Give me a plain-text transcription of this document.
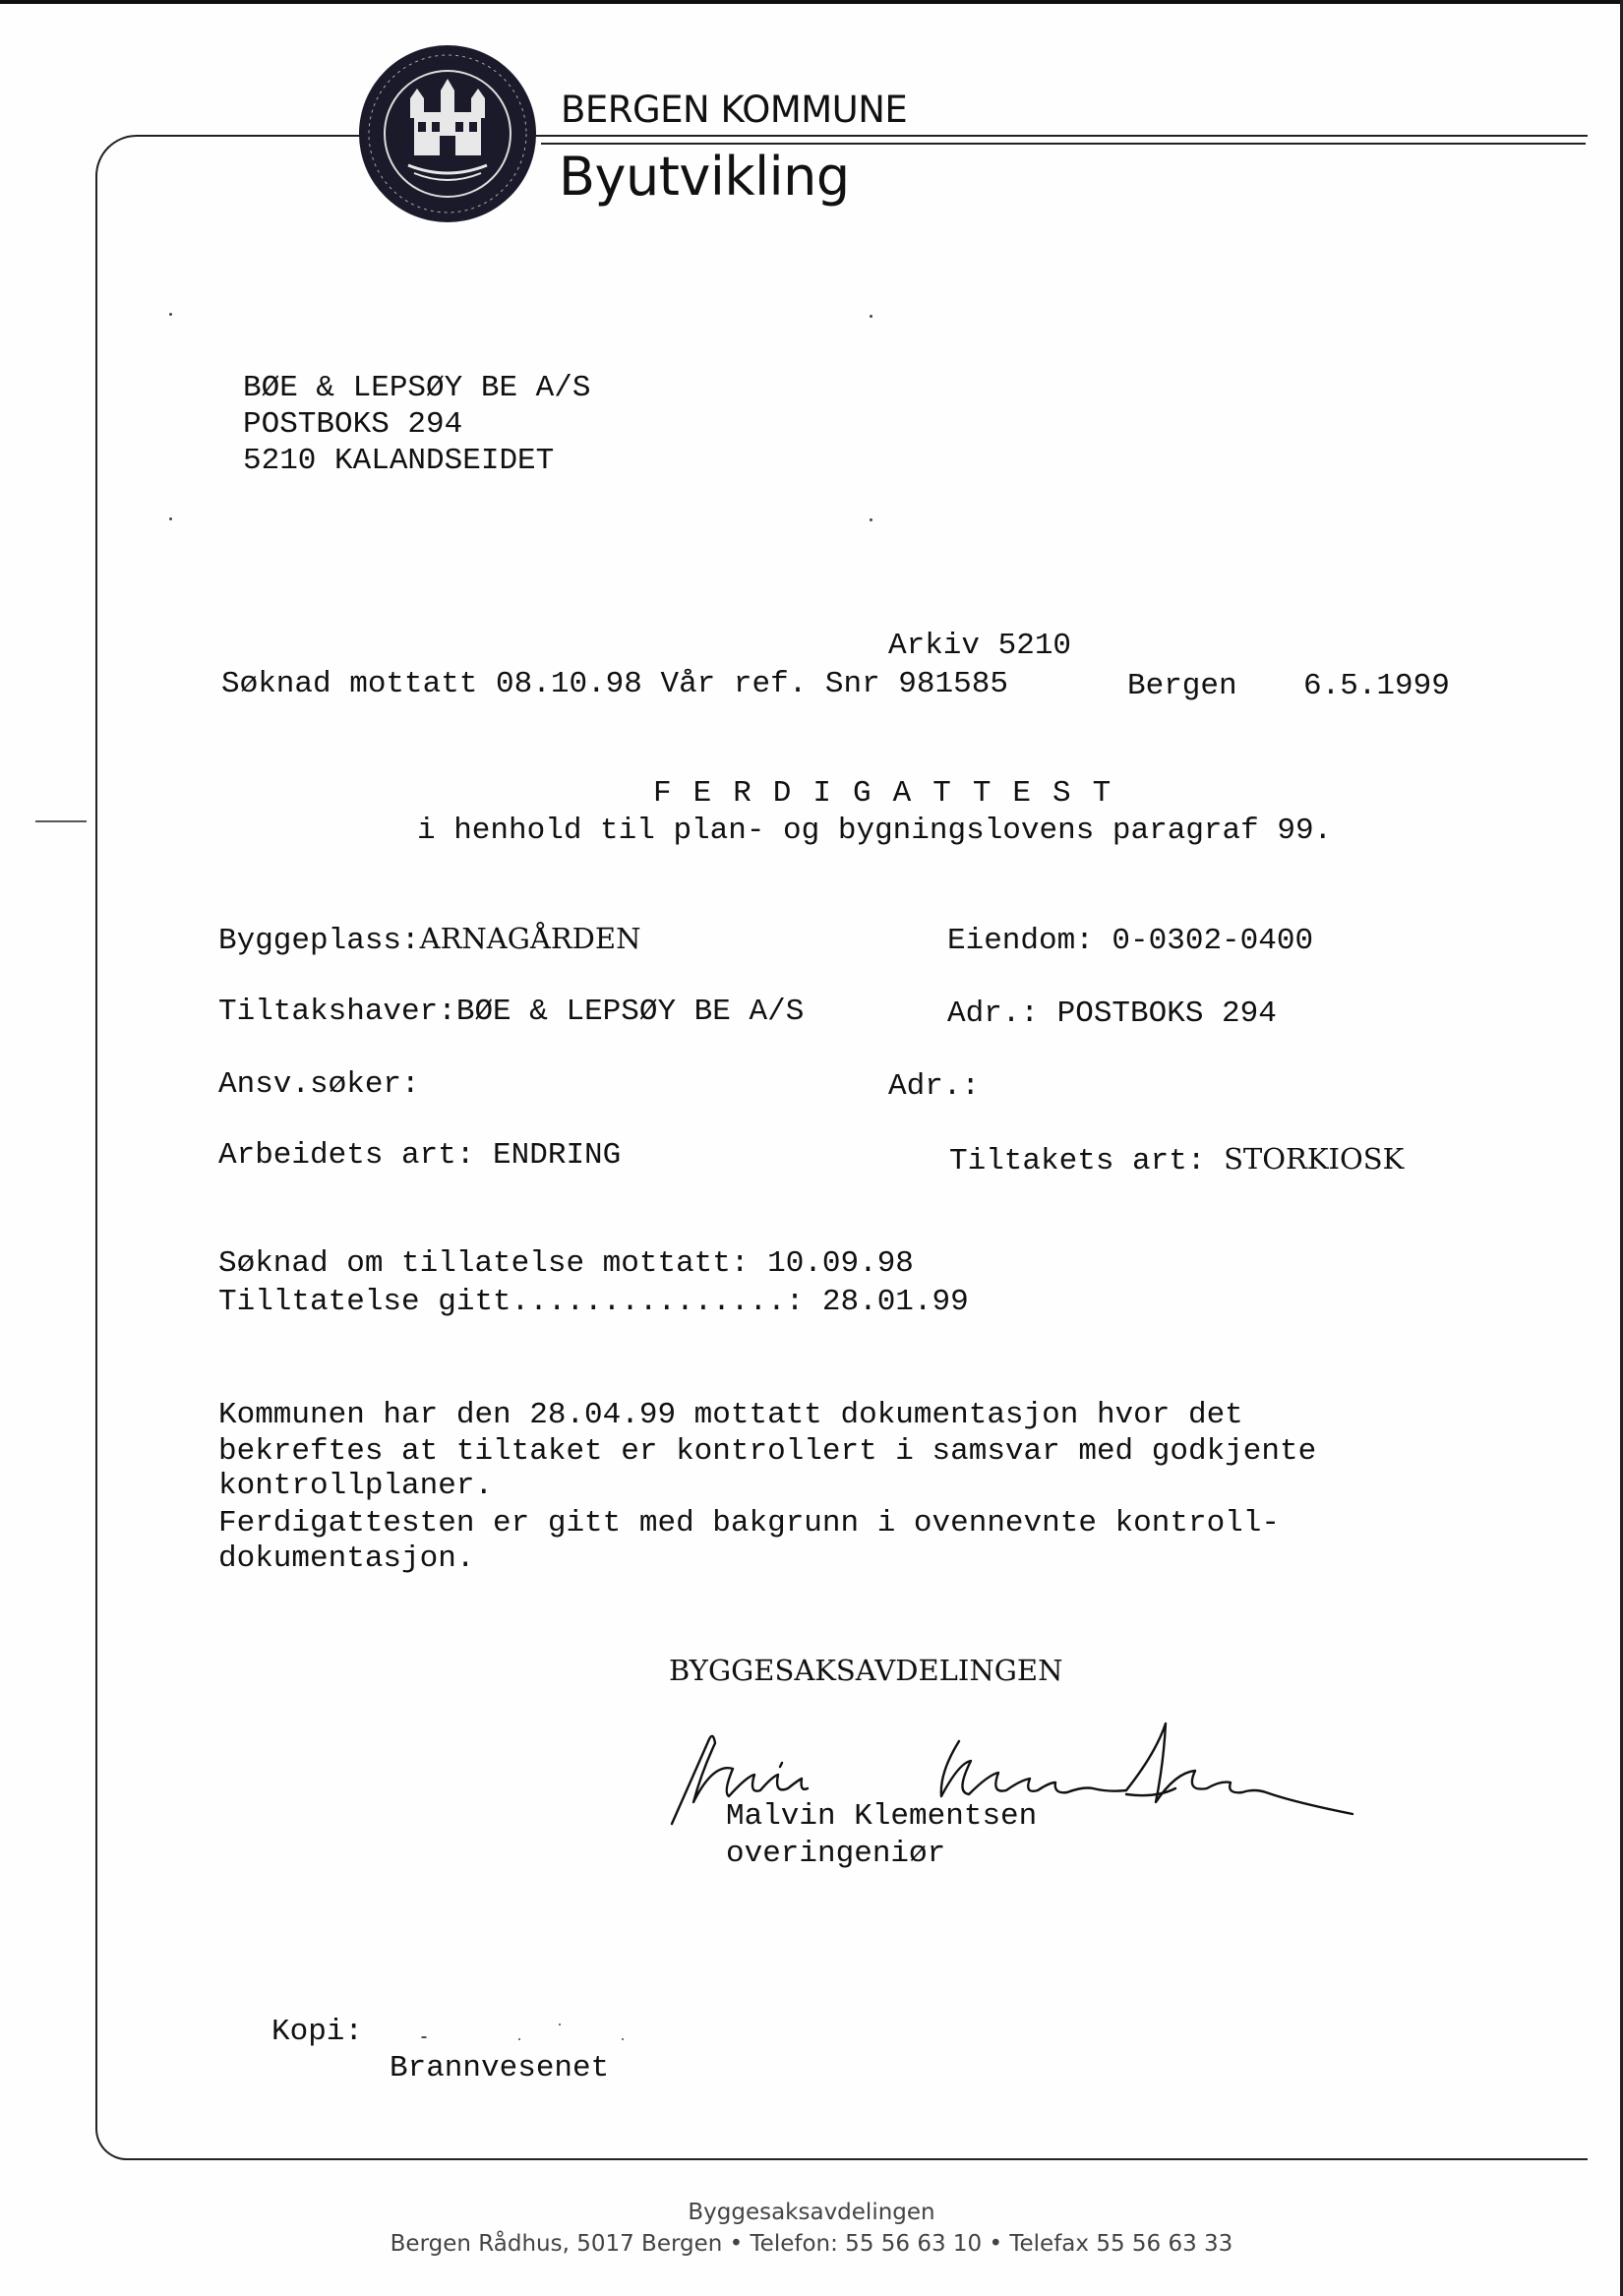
BERGEN KOMMUNE
Byutvikling
BØE & LEPSØY BE A/S
POSTBOKS 294
5210 KALANDSEIDET
Arkiv 5210
Søknad mottatt 08.10.98 Vår ref. Snr 981585	Bergen 6.5.1999
FERDIGATTEST
i henhold til plan- og bygningslovens paragraf 99.
Byggeplass:ARNAGÅRDEN	Eiendom: 0-0302-0400
Tiltakshaver:BØE & LEPSØY BE A/S	Adr.: POSTBOKS 294
Ansv.søker:	Adr.:
Arbeidets art: ENDRING	Tiltakets art: STORKIOSK
Søknad om tillatelse mottatt: 10.09.98
Tilltatelse gitt...............: 28.01.99
Kommunen har den 28.04.99 mottatt dokumentasjon hvor det
bekreftes at tiltaket er kontrollert i samsvar med godkjente
kontrollplaner.
Ferdigattesten er gitt med bakgrunn i ovennevnte kontroll-
dokumentasjon.
BYGGESAKSAVDELINGEN
Malvin Klementsen
overingeniør
Kopi:
Brannvesenet
Byggesaksavdelingen
Bergen Rådhus, 5017 Bergen • Telefon: 55 56 63 10 • Telefax 55 56 63 33
